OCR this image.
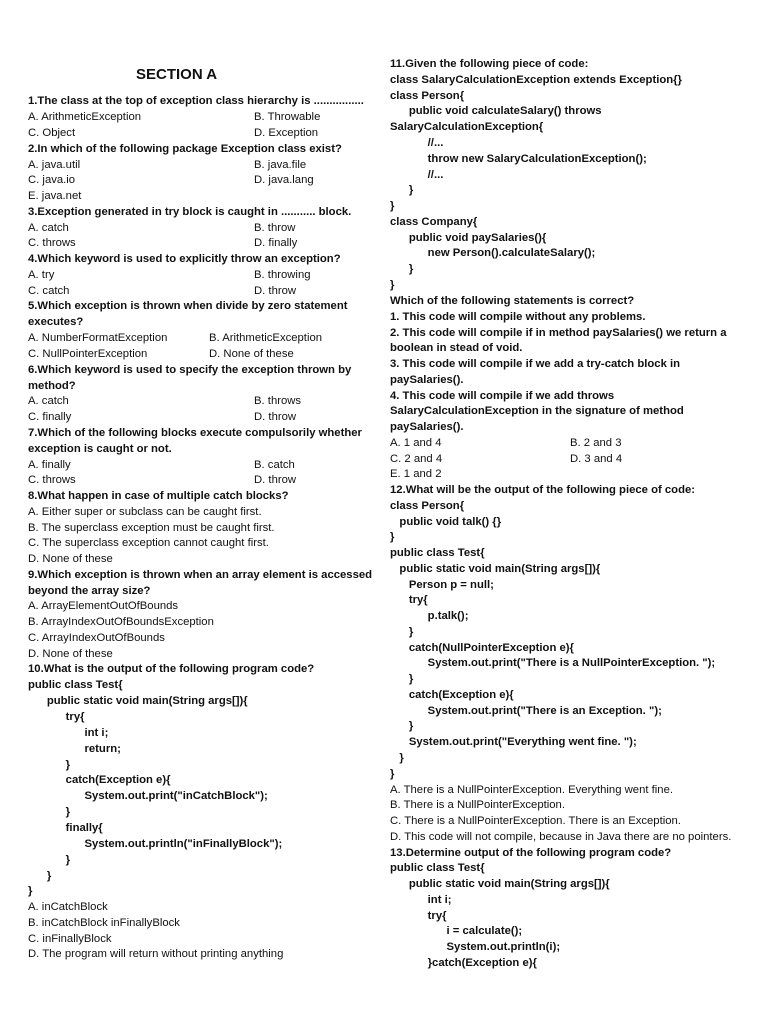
SECTION A
1.The class at the top of exception class hierarchy is ................
A. ArithmeticException	B. Throwable
C. Object	D. Exception
2.In which of the following package Exception class exist?
A. java.util	B. java.file
C. java.io	D. java.lang
E. java.net
3.Exception generated in try block is caught in ........... block.
A. catch	B. throw
C. throws	D. finally
4.Which keyword is used to explicitly throw an exception?
A. try	B. throwing
C. catch	D. throw
5.Which exception is thrown when divide by zero statement
executes?
A. NumberFormatException	B. ArithmeticException
C. NullPointerException	D. None of these
6.Which keyword is used to specify the exception thrown by
method?
A. catch	B. throws
C. finally	D. throw
7.Which of the following blocks execute compulsorily whether
exception is caught or not.
A. finally	B. catch
C. throws	D. throw
8.What happen in case of multiple catch blocks?
A. Either super or subclass can be caught first.
B. The superclass exception must be caught first.
C. The superclass exception cannot caught first.
D. None of these
9.Which exception is thrown when an array element is accessed
beyond the array size?
A. ArrayElementOutOfBounds
B. ArrayIndexOutOfBoundsException
C. ArrayIndexOutOfBounds
D. None of these
10.What is the output of the following program code?
public class Test{
public static void main(String args[]){
try{
int i;
return;
}
catch(Exception e){
System.out.print("inCatchBlock");
}
finally{
System.out.println("inFinallyBlock");
}
}
}
A. inCatchBlock
B. inCatchBlock inFinallyBlock
C. inFinallyBlock
D. The program will return without printing anything
11.Given the following piece of code:
class SalaryCalculationException extends Exception{}
class Person{
public void calculateSalary() throws
SalaryCalculationException{
//...
throw new SalaryCalculationException();
//...
}
}
class Company{
public void paySalaries(){
new Person().calculateSalary();
}
}
Which of the following statements is correct?
1. This code will compile without any problems.
2. This code will compile if in method paySalaries() we return a
boolean in stead of void.
3. This code will compile if we add a try-catch block in
paySalaries().
4. This code will compile if we add throws
SalaryCalculationException in the signature of method
paySalaries().
A. 1 and 4	B. 2 and 3
C. 2 and 4	D. 3 and 4
E. 1 and 2
12.What will be the output of the following piece of code:
class Person{
public void talk() {}
}
public class Test{
public static void main(String args[]){
Person p = null;
try{
p.talk();
}
catch(NullPointerException e){
System.out.print("There is a NullPointerException. ");
}
catch(Exception e){
System.out.print("There is an Exception. ");
}
System.out.print("Everything went fine. ");
}
}
A. There is a NullPointerException. Everything went fine.
B. There is a NullPointerException.
C. There is a NullPointerException. There is an Exception.
D. This code will not compile, because in Java there are no pointers.
13.Determine output of the following program code?
public class Test{
public static void main(String args[]){
int i;
try{
i = calculate();
System.out.println(i);
}catch(Exception e){
